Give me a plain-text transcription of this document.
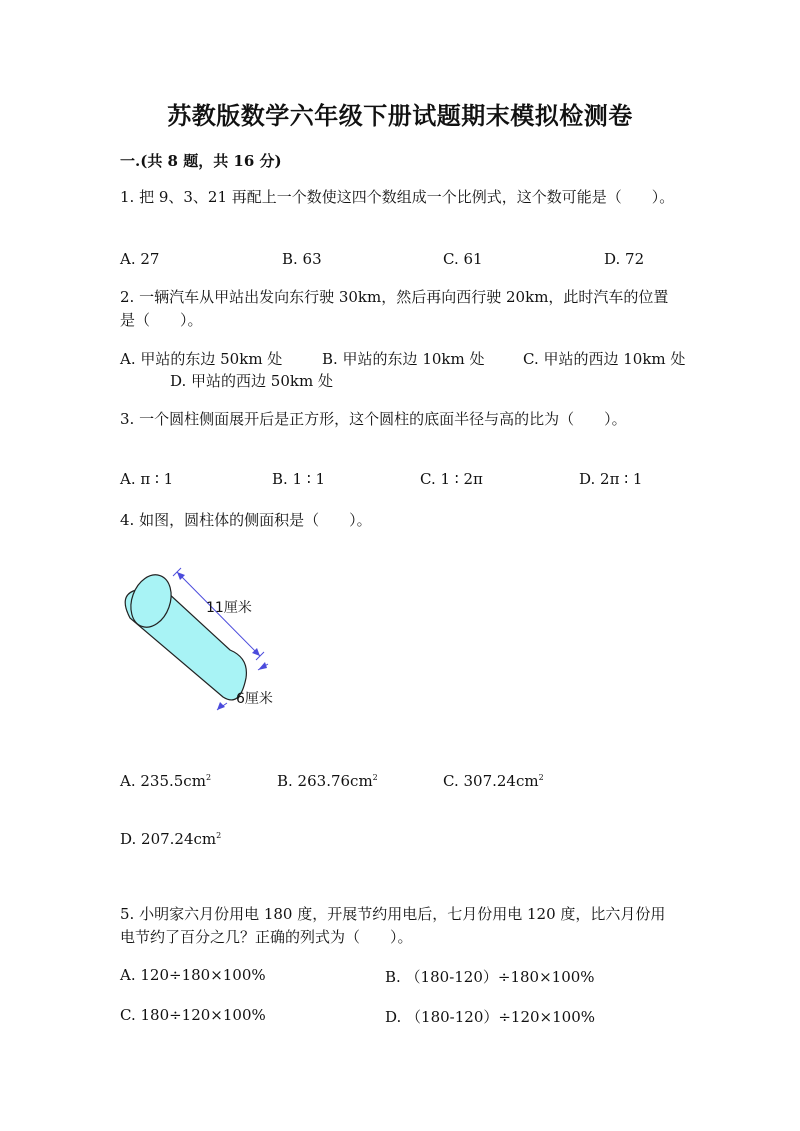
苏教版数学六年级下册试题期末模拟检测卷
一.(共 8 题，共 16 分)
1. 把 9、3、21 再配上一个数使这四个数组成一个比例式，这个数可能是（　　）。
A. 27	B. 63	C. 61	D. 72
2. 一辆汽车从甲站出发向东行驶 30km，然后再向西行驶 20km，此时汽车的位置是（　　）。
A. 甲站的东边 50km 处	B. 甲站的东边 10km 处	C. 甲站的西边 10km 处
D. 甲站的西边 50km 处
3. 一个圆柱侧面展开后是正方形，这个圆柱的底面半径与高的比为（　　）。
A. π ∶ 1	B. 1 ∶ 1	C. 1 ∶ 2π	D. 2π ∶ 1
4. 如图，圆柱体的侧面积是（　　）。
11厘米
6厘米
A. $235.5cm^2$	B. $263.76cm^2$	C. $307.24cm^2$
D. $207.24cm^2$
5. 小明家六月份用电 180 度，开展节约用电后，七月份用电 120 度，比六月份用电节约了百分之几？正确的列式为（　　）。
A. 120÷180×100%	B. （180-120）÷180×100%
C. 180÷120×100%	D. （180-120）÷120×100%
